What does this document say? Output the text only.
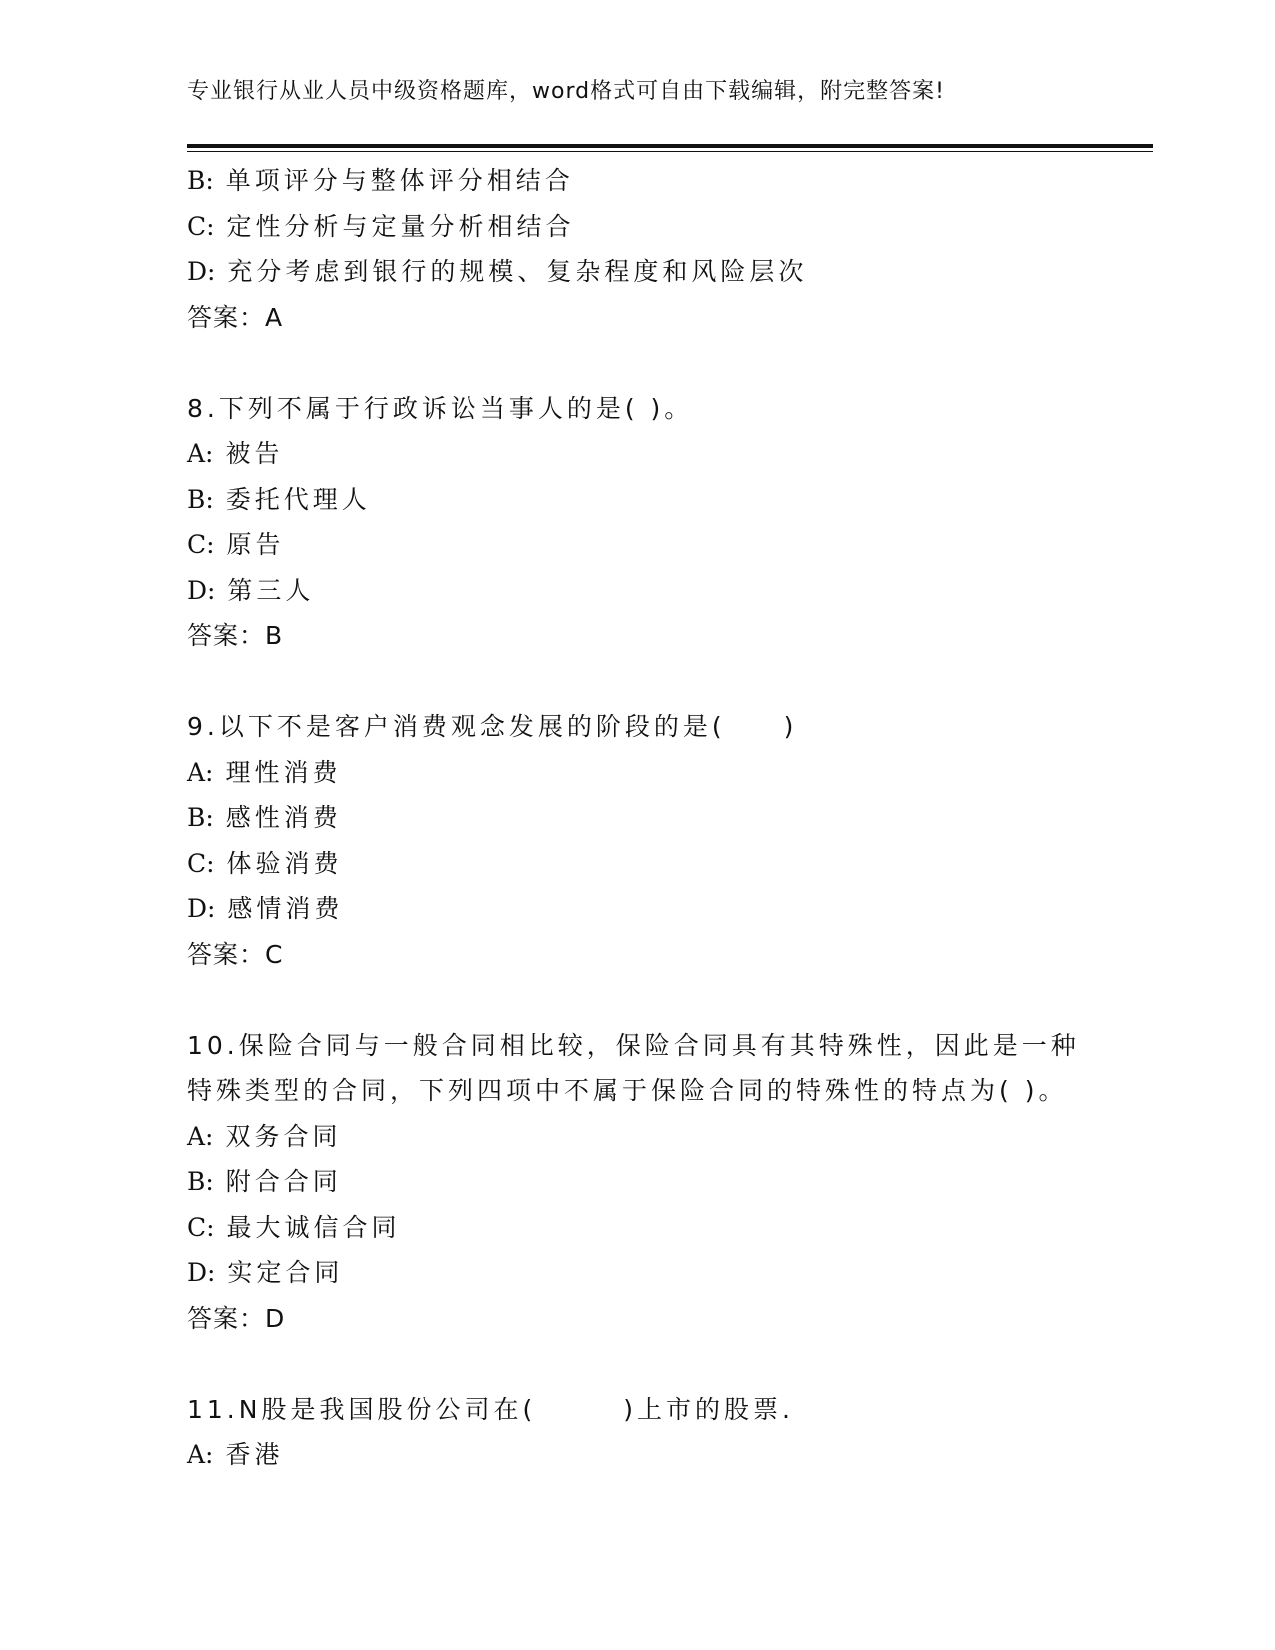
专业银行从业人员中级资格题库，word格式可自由下载编辑，附完整答案!
B: 单项评分与整体评分相结合
C: 定性分析与定量分析相结合
D: 充分考虑到银行的规模、复杂程度和风险层次
答案：A
8.下列不属于行政诉讼当事人的是( )。
A: 被告
B: 委托代理人
C: 原告
D: 第三人
答案：B
9.以下不是客户消费观念发展的阶段的是(　　)
A: 理性消费
B: 感性消费
C: 体验消费
D: 感情消费
答案：C
10.保险合同与一般合同相比较，保险合同具有其特殊性，因此是一种
特殊类型的合同，下列四项中不属于保险合同的特殊性的特点为( )。
A: 双务合同
B: 附合合同
C: 最大诚信合同
D: 实定合同
答案：D
11.N股是我国股份公司在(　　　)上市的股票.
A: 香港
